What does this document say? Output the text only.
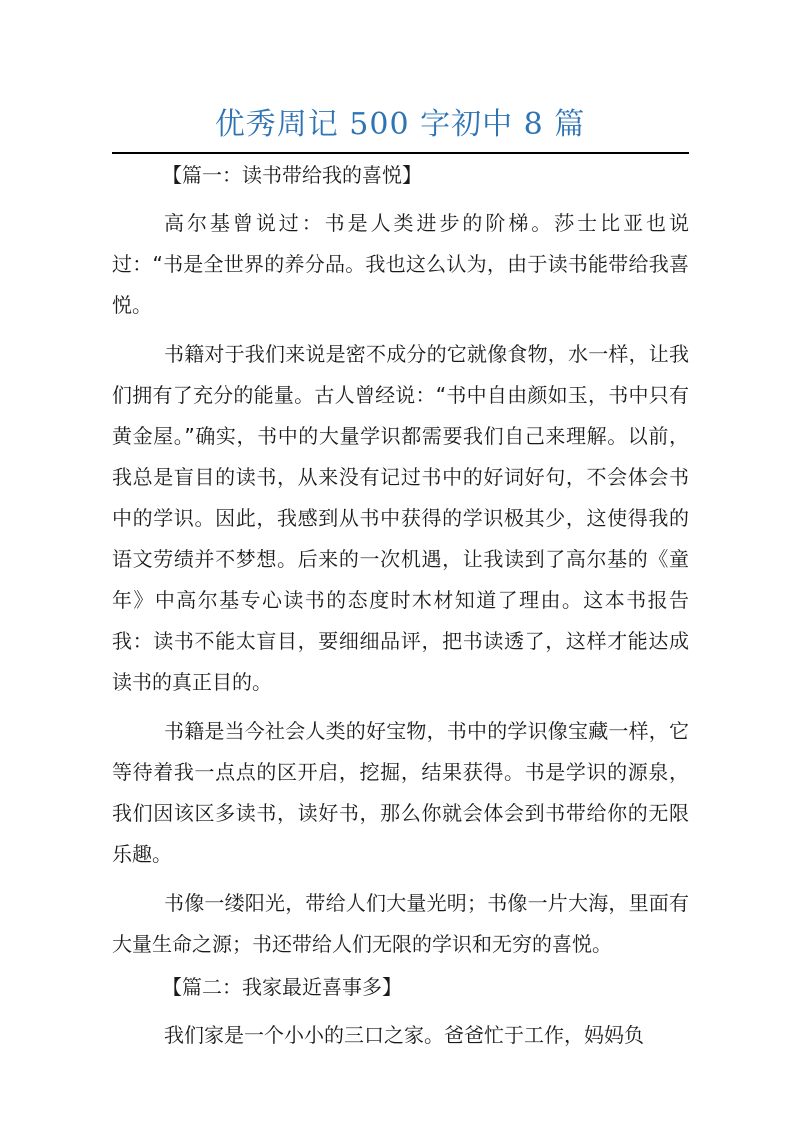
优秀周记 500 字初中 8 篇

【篇一：读书带给我的喜悦】

高尔基曾说过：书是人类进步的阶梯。莎士比亚也说过：“书是全世界的养分品。我也这么认为，由于读书能带给我喜悦。

书籍对于我们来说是密不成分的它就像食物，水一样，让我们拥有了充分的能量。古人曾经说：“书中自由颜如玉，书中只有黄金屋。”确实，书中的大量学识都需要我们自己来理解。以前，我总是盲目的读书，从来没有记过书中的好词好句，不会体会书中的学识。因此，我感到从书中获得的学识极其少，这使得我的语文劳绩并不梦想。后来的一次机遇，让我读到了高尔基的《童年》中高尔基专心读书的态度时木材知道了理由。这本书报告我：读书不能太盲目，要细细品评，把书读透了，这样才能达成读书的真正目的。

书籍是当今社会人类的好宝物，书中的学识像宝藏一样，它等待着我一点点的区开启，挖掘，结果获得。书是学识的源泉，我们因该区多读书，读好书，那么你就会体会到书带给你的无限乐趣。

书像一缕阳光，带给人们大量光明；书像一片大海，里面有大量生命之源；书还带给人们无限的学识和无穷的喜悦。

【篇二：我家最近喜事多】

我们家是一个小小的三口之家。爸爸忙于工作，妈妈负
